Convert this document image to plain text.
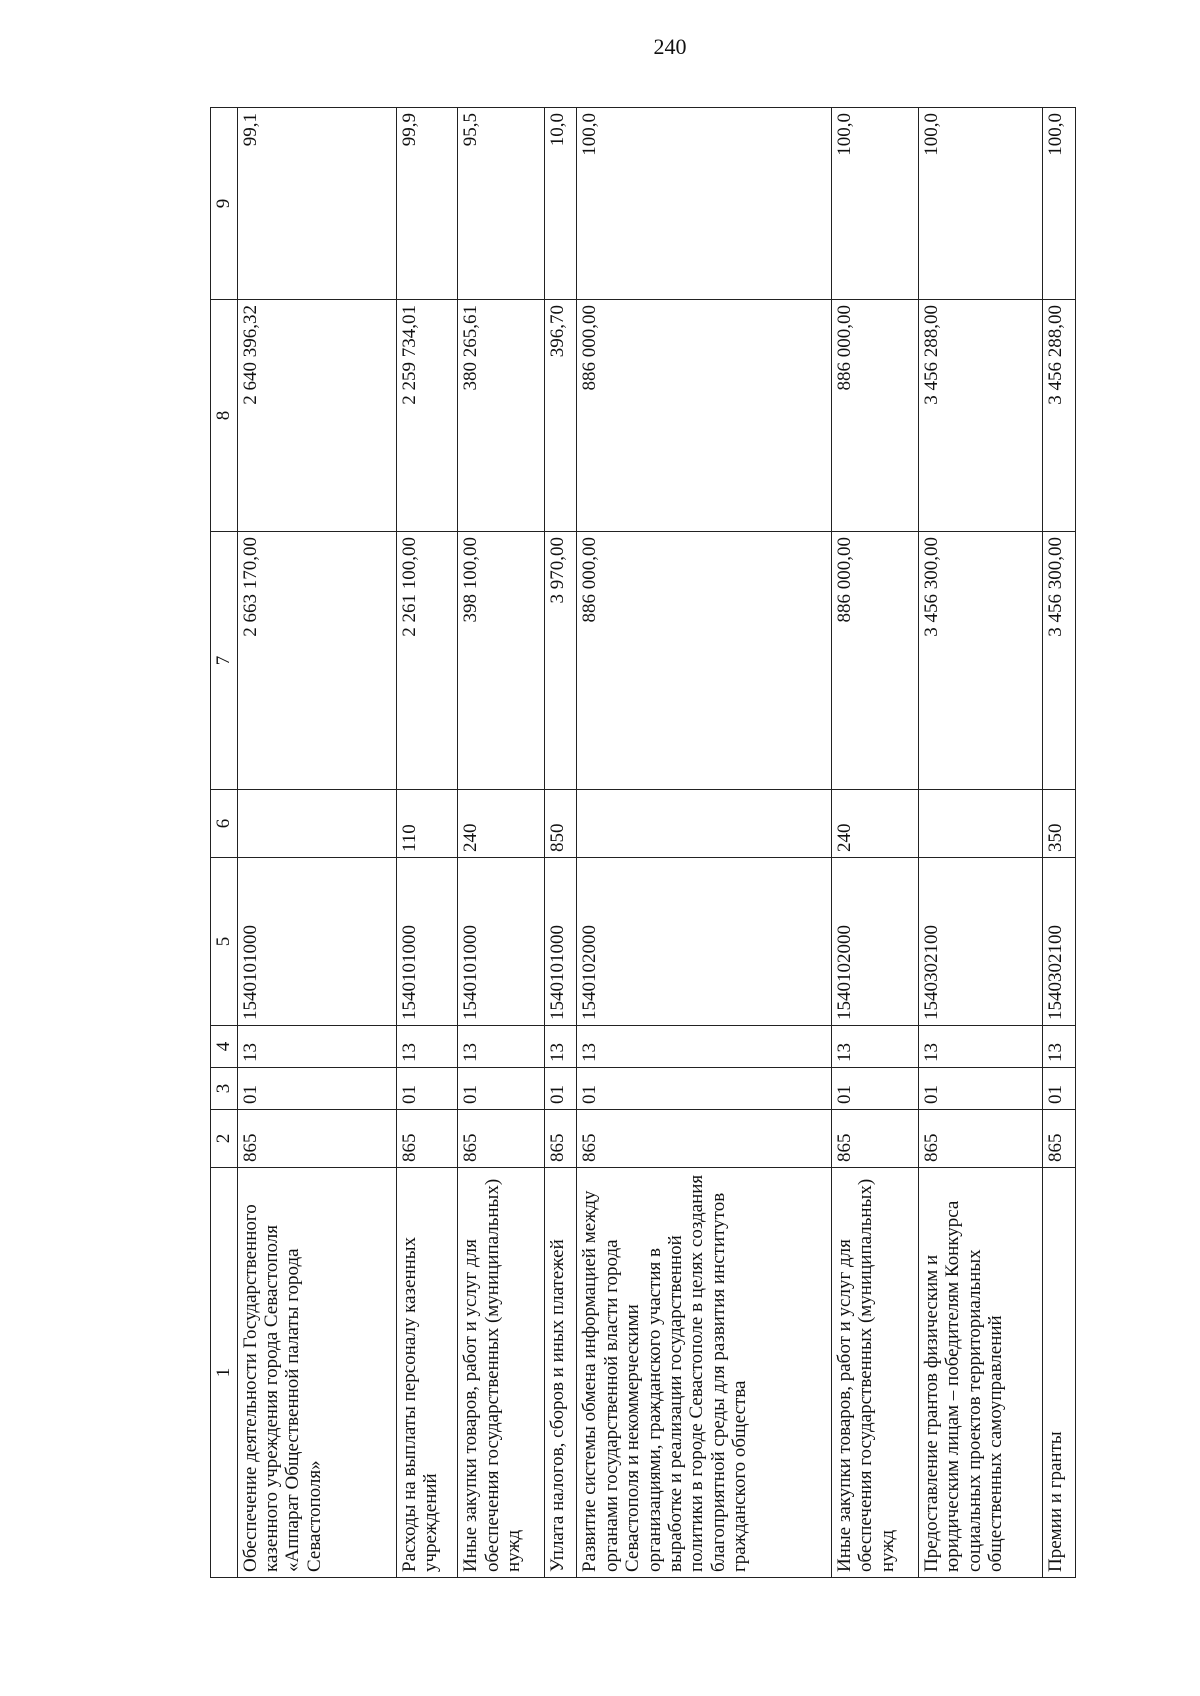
240
1	2	3	4	5	6	7	8	9
Обеспечение деятельности Государственного казенного учреждения города Севастополя «Аппарат Общественной палаты города Севастополя»	865	01	13	1540101000		2 663 170,00	2 640 396,32	99,1
Расходы на выплаты персоналу казенных учреждений	865	01	13	1540101000	110	2 261 100,00	2 259 734,01	99,9
Иные закупки товаров, работ и услуг для обеспечения государственных (муниципальных) нужд	865	01	13	1540101000	240	398 100,00	380 265,61	95,5
Уплата налогов, сборов и иных платежей	865	01	13	1540101000	850	3 970,00	396,70	10,0
Развитие системы обмена информацией между органами государственной власти города Севастополя и некоммерческими организациями, гражданского участия в выработке и реализации государственной политики в городе Севастополе в целях создания благоприятной среды для развития институтов гражданского общества	865	01	13	1540102000		886 000,00	886 000,00	100,0
Иные закупки товаров, работ и услуг для обеспечения государственных (муниципальных) нужд	865	01	13	1540102000	240	886 000,00	886 000,00	100,0
Предоставление грантов физическим и юридическим лицам – победителям Конкурса социальных проектов территориальных общественных самоуправлений	865	01	13	1540302100		3 456 300,00	3 456 288,00	100,0
Премии и гранты	865	01	13	1540302100	350	3 456 300,00	3 456 288,00	100,0
